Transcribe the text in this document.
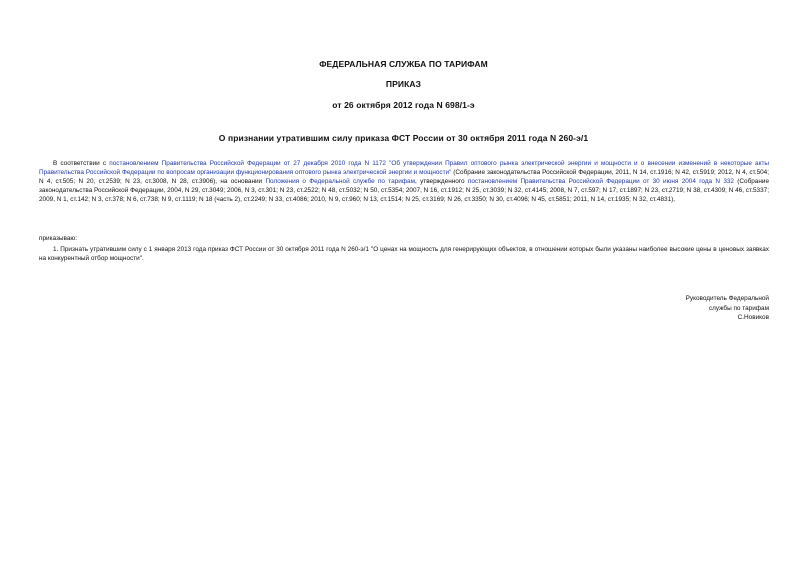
ФЕДЕРАЛЬНАЯ СЛУЖБА ПО ТАРИФАМ
ПРИКАЗ
от 26 октября 2012 года N 698/1-э
О признании утратившим силу приказа ФСТ России от 30 октября 2011 года N 260-э/1
В соответствии с постановлением Правительства Российской Федерации от 27 декабря 2010 года N 1172 "Об утверждении Правил оптового рынка электрической энергии и мощности и о внесении изменений в некоторые акты Правительства Российской Федерации по вопросам организации функционирования оптового рынка электрической энергии и мощности" (Собрание законодательства Российской Федерации, 2011, N 14, ст.1916; N 42, ст.5919; 2012, N 4, ст.504; N 4, ст.505; N 20, ст.2539; N 23, ст.3008, N 28, ст.3906), на основании Положения о Федеральной службе по тарифам, утвержденного постановлением Правительства Российской Федерации от 30 июня 2004 года N 332 (Собрание законодательства Российской Федерации, 2004, N 29, ст.3049; 2006, N 3, ст.301; N 23, ст.2522; N 48, ст.5032; N 50, ст.5354; 2007, N 16, ст.1912; N 25, ст.3039; N 32, ст.4145; 2008, N 7, ст.597; N 17, ст.1897; N 23, ст.2719; N 38, ст.4309; N 46, ст.5337; 2009, N 1, ст.142; N 3, ст.378; N 6, ст.738; N 9, ст.1119; N 18 (часть 2), ст.2249; N 33, ст.4086; 2010, N 9, ст.960; N 13, ст.1514; N 25, ст.3169; N 26, ст.3350; N 30, ст.4096; N 45, ст.5851; 2011, N 14, ст.1935; N 32, ст.4831),
приказываю:
1. Признать утратившим силу с 1 января 2013 года приказ ФСТ России от 30 октября 2011 года N 260-э/1 "О ценах на мощность для генерирующих объектов, в отношении которых были указаны наиболее высокие цены в ценовых заявках на конкурентный отбор мощности".
Руководитель Федеральной
службы по тарифам
С.Новиков
